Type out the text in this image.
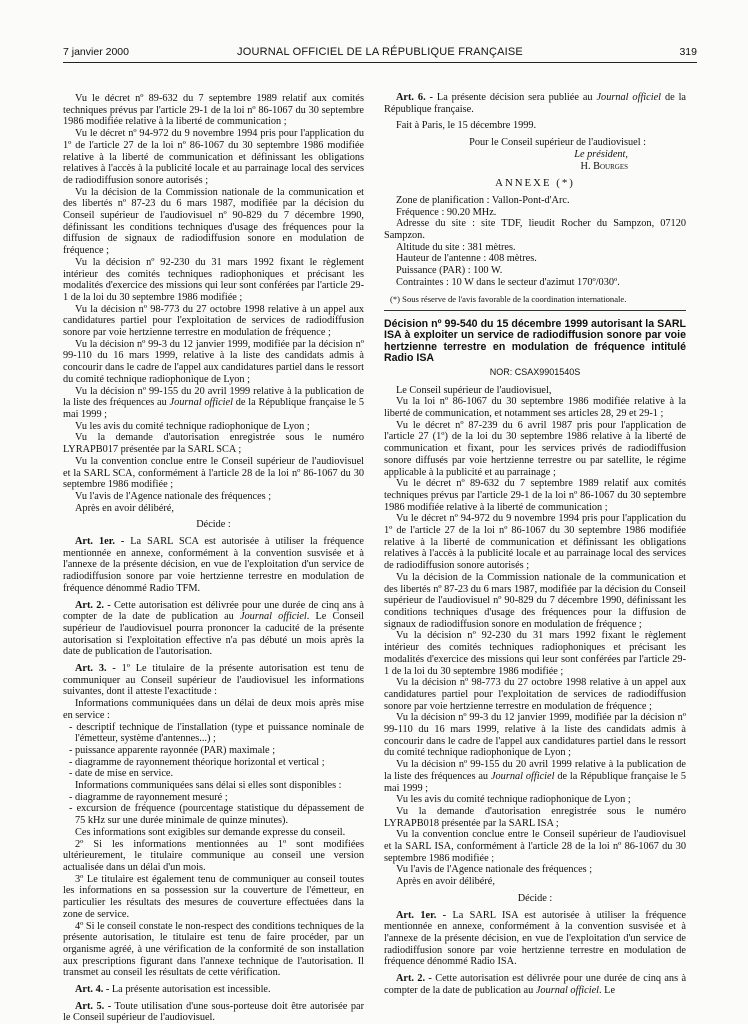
7 janvier 2000	JOURNAL OFFICIEL DE LA RÉPUBLIQUE FRANÇAISE	319

Vu le décret nº 89-632 du 7 septembre 1989 relatif aux comités techniques prévus par l'article 29-1 de la loi nº 86-1067 du 30 septembre 1986 modifiée relative à la liberté de communication ;

Vu le décret nº 94-972 du 9 novembre 1994 pris pour l'application du 1º de l'article 27 de la loi nº 86-1067 du 30 septembre 1986 modifiée relative à la liberté de communication et définissant les obligations relatives à l'accès à la publicité locale et au parrainage local des services de radiodiffusion sonore autorisés ;

Vu la décision de la Commission nationale de la communication et des libertés nº 87-23 du 6 mars 1987, modifiée par la décision du Conseil supérieur de l'audiovisuel nº 90-829 du 7 décembre 1990, définissant les conditions techniques d'usage des fréquences pour la diffusion de signaux de radiodiffusion sonore en modulation de fréquence ;

Vu la décision nº 92-230 du 31 mars 1992 fixant le règlement intérieur des comités techniques radiophoniques et précisant les modalités d'exercice des missions qui leur sont conférées par l'article 29-1 de la loi du 30 septembre 1986 modifiée ;

Vu la décision nº 98-773 du 27 octobre 1998 relative à un appel aux candidatures partiel pour l'exploitation de services de radiodiffusion sonore par voie hertzienne terrestre en modulation de fréquence ;

Vu la décision nº 99-3 du 12 janvier 1999, modifiée par la décision nº 99-110 du 16 mars 1999, relative à la liste des candidats admis à concourir dans le cadre de l'appel aux candidatures partiel dans le ressort du comité technique radiophonique de Lyon ;

Vu la décision nº 99-155 du 20 avril 1999 relative à la publication de la liste des fréquences au Journal officiel de la République française le 5 mai 1999 ;

Vu les avis du comité technique radiophonique de Lyon ;

Vu la demande d'autorisation enregistrée sous le numéro LYRAPB017 présentée par la SARL SCA ;

Vu la convention conclue entre le Conseil supérieur de l'audiovisuel et la SARL SCA, conformément à l'article 28 de la loi nº 86-1067 du 30 septembre 1986 modifiée ;

Vu l'avis de l'Agence nationale des fréquences ;

Après en avoir délibéré,

Décide :

Art. 1er. - La SARL SCA est autorisée à utiliser la fréquence mentionnée en annexe, conformément à la convention susvisée et à l'annexe de la présente décision, en vue de l'exploitation d'un service de radiodiffusion sonore par voie hertzienne terrestre en modulation de fréquence dénommé Radio TFM.

Art. 2. - Cette autorisation est délivrée pour une durée de cinq ans à compter de la date de publication au Journal officiel. Le Conseil supérieur de l'audiovisuel pourra prononcer la caducité de la présente autorisation si l'exploitation effective n'a pas débuté un mois après la date de publication de l'autorisation.

Art. 3. - 1º Le titulaire de la présente autorisation est tenu de communiquer au Conseil supérieur de l'audiovisuel les informations suivantes, dont il atteste l'exactitude :

Informations communiquées dans un délai de deux mois après mise en service :

- descriptif technique de l'installation (type et puissance nominale de l'émetteur, système d'antennes...) ;

- puissance apparente rayonnée (PAR) maximale ;

- diagramme de rayonnement théorique horizontal et vertical ;

- date de mise en service.

Informations communiquées sans délai si elles sont disponibles :

- diagramme de rayonnement mesuré ;

- excursion de fréquence (pourcentage statistique du dépassement de 75 kHz sur une durée minimale de quinze minutes).

Ces informations sont exigibles sur demande expresse du conseil.

2º Si les informations mentionnées au 1º sont modifiées ultérieurement, le titulaire communique au conseil une version actualisée dans un délai d'un mois.

3º Le titulaire est également tenu de communiquer au conseil toutes les informations en sa possession sur la couverture de l'émetteur, en particulier les résultats des mesures de couverture effectuées dans la zone de service.

4º Si le conseil constate le non-respect des conditions techniques de la présente autorisation, le titulaire est tenu de faire procéder, par un organisme agréé, à une vérification de la conformité de son installation aux prescriptions figurant dans l'annexe technique de l'autorisation. Il transmet au conseil les résultats de cette vérification.

Art. 4. - La présente autorisation est incessible.

Art. 5. - Toute utilisation d'une sous-porteuse doit être autorisée par le Conseil supérieur de l'audiovisuel.

Art. 6. - La présente décision sera publiée au Journal officiel de la République française.

Fait à Paris, le 15 décembre 1999.

Pour le Conseil supérieur de l'audiovisuel :

Le président,

H. Bourges

ANNEXE (*)

Zone de planification : Vallon-Pont-d'Arc.

Fréquence : 90.20 MHz.

Adresse du site : site TDF, lieudit Rocher du Sampzon, 07120 Sampzon.

Altitude du site : 381 mètres.

Hauteur de l'antenne : 408 mètres.

Puissance (PAR) : 100 W.

Contraintes : 10 W dans le secteur d'azimut 170º/030º.

(*) Sous réserve de l'avis favorable de la coordination internationale.

Décision nº 99-540 du 15 décembre 1999 autorisant la SARL ISA à exploiter un service de radiodiffusion sonore par voie hertzienne terrestre en modulation de fréquence intitulé Radio ISA

NOR: CSAX9901540S

Le Conseil supérieur de l'audiovisuel,

Vu la loi nº 86-1067 du 30 septembre 1986 modifiée relative à la liberté de communication, et notamment ses articles 28, 29 et 29-1 ;

Vu le décret nº 87-239 du 6 avril 1987 pris pour l'application de l'article 27 (1º) de la loi du 30 septembre 1986 relative à la liberté de communication et fixant, pour les services privés de radiodiffusion sonore diffusés par voie hertzienne terrestre ou par satellite, le régime applicable à la publicité et au parrainage ;

Vu le décret nº 89-632 du 7 septembre 1989 relatif aux comités techniques prévus par l'article 29-1 de la loi nº 86-1067 du 30 septembre 1986 modifiée relative à la liberté de communication ;

Vu le décret nº 94-972 du 9 novembre 1994 pris pour l'application du 1º de l'article 27 de la loi nº 86-1067 du 30 septembre 1986 modifiée relative à la liberté de communication et définissant les obligations relatives à l'accès à la publicité locale et au parrainage local des services de radiodiffusion sonore autorisés ;

Vu la décision de la Commission nationale de la communication et des libertés nº 87-23 du 6 mars 1987, modifiée par la décision du Conseil supérieur de l'audiovisuel nº 90-829 du 7 décembre 1990, définissant les conditions techniques d'usage des fréquences pour la diffusion de signaux de radiodiffusion sonore en modulation de fréquence ;

Vu la décision nº 92-230 du 31 mars 1992 fixant le règlement intérieur des comités techniques radiophoniques et précisant les modalités d'exercice des missions qui leur sont conférées par l'article 29-1 de la loi du 30 septembre 1986 modifiée ;

Vu la décision nº 98-773 du 27 octobre 1998 relative à un appel aux candidatures partiel pour l'exploitation de services de radiodiffusion sonore par voie hertzienne terrestre en modulation de fréquence ;

Vu la décision nº 99-3 du 12 janvier 1999, modifiée par la décision nº 99-110 du 16 mars 1999, relative à la liste des candidats admis à concourir dans le cadre de l'appel aux candidatures partiel dans le ressort du comité technique radiophonique de Lyon ;

Vu la décision nº 99-155 du 20 avril 1999 relative à la publication de la liste des fréquences au Journal officiel de la République française le 5 mai 1999 ;

Vu les avis du comité technique radiophonique de Lyon ;

Vu la demande d'autorisation enregistrée sous le numéro LYRAPB018 présentée par la SARL ISA ;

Vu la convention conclue entre le Conseil supérieur de l'audiovisuel et la SARL ISA, conformément à l'article 28 de la loi nº 86-1067 du 30 septembre 1986 modifiée ;

Vu l'avis de l'Agence nationale des fréquences ;

Après en avoir délibéré,

Décide :

Art. 1er. - La SARL ISA est autorisée à utiliser la fréquence mentionnée en annexe, conformément à la convention susvisée et à l'annexe de la présente décision, en vue de l'exploitation d'un service de radiodiffusion sonore par voie hertzienne terrestre en modulation de fréquence dénommé Radio ISA.

Art. 2. - Cette autorisation est délivrée pour une durée de cinq ans à compter de la date de publication au Journal officiel. Le
